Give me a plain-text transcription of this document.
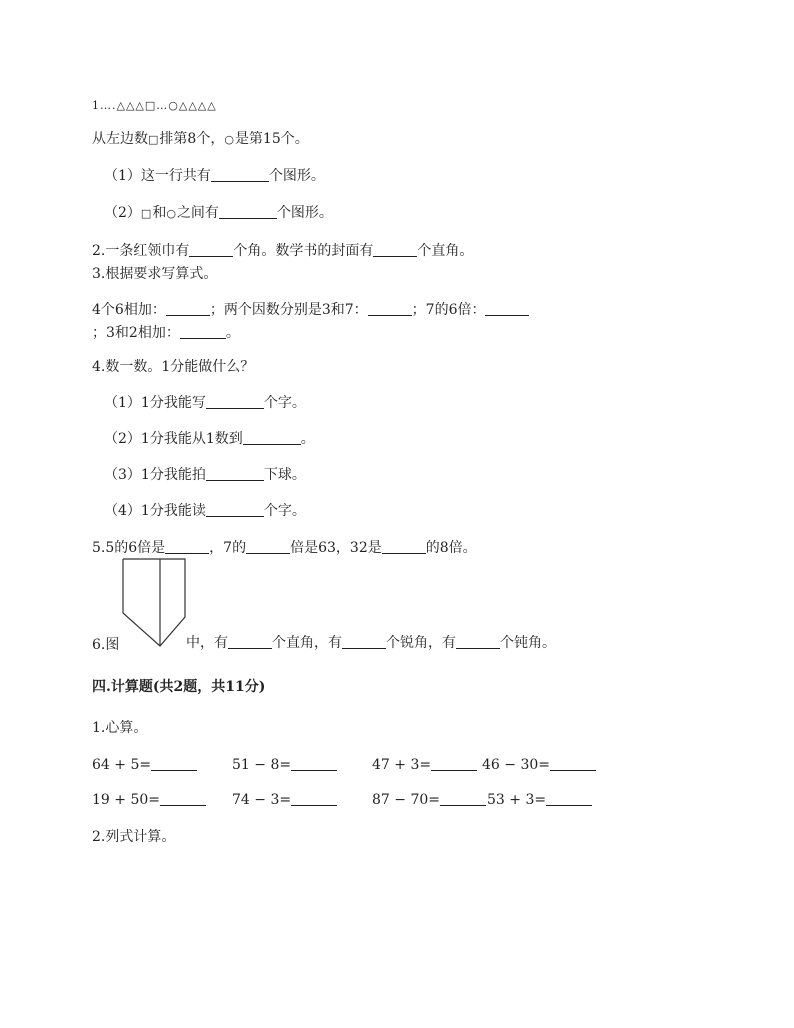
1….△△△□…○△△△△
从左边数□排第8个，○是第15个。
（1）这一行共有	个图形。
（2）□和○之间有	个图形。
2.一条红领巾有	个角。数学书的封面有	个直角。
3.根据要求写算式。
4个6相加：	；两个因数分别是3和7：	；7的6倍：
；3和2相加：	。
4.数一数。1分能做什么？
（1）1分我能写	个字。
（2）1分我能从1数到	。
（3）1分我能拍	下球。
（4）1分我能读	个字。
5.5的6倍是	，7的	倍是63，32是	的8倍。
6.图	中，有	个直角，有	个锐角，有	个钝角。
四.计算题(共2题，共11分)
1.心算。
64 + 5=	51 − 8=	47 + 3=	46 − 30=
19 + 50=	74 − 3=	87 − 70=	53 + 3=
2.列式计算。
